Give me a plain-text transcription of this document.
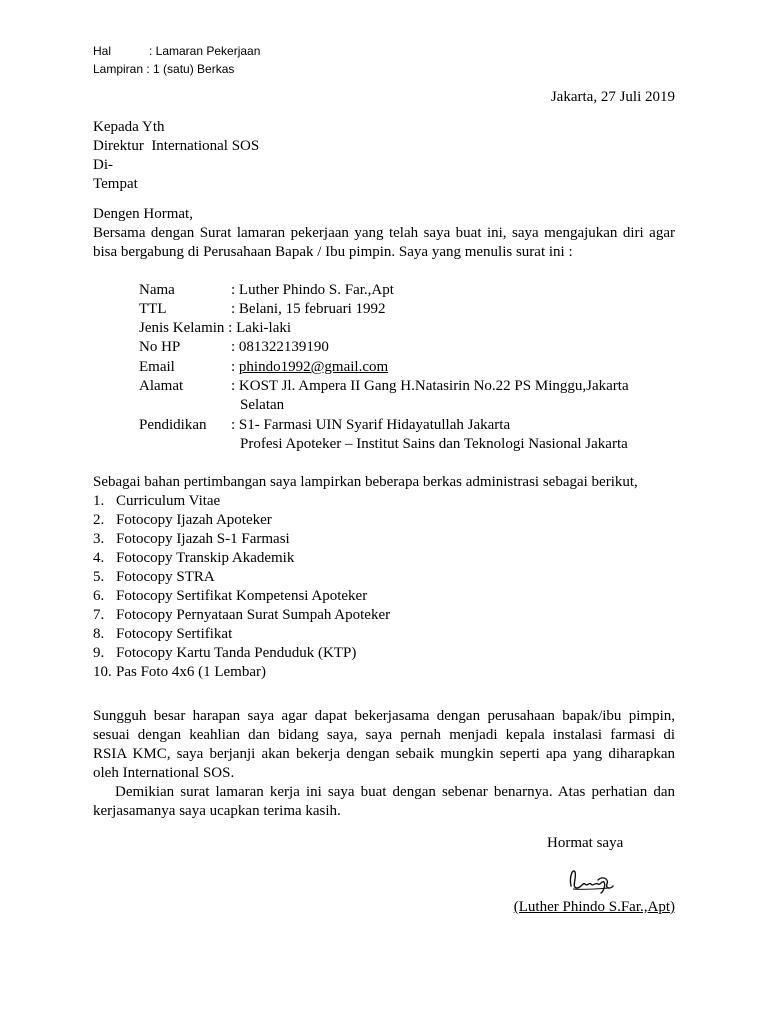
Hal	: Lamaran Pekerjaan
Lampiran : 1 (satu) Berkas
Jakarta, 27 Juli 2019
Kepada Yth
Direktur  International SOS
Di-
Tempat
Dengen Hormat,
Bersama dengan Surat lamaran pekerjaan yang telah saya buat ini, saya mengajukan diri agar
bisa bergabung di Perusahaan Bapak / Ibu pimpin. Saya yang menulis surat ini :
Nama	: Luther Phindo S. Far.,Apt
TTL	: Belani, 15 februari 1992
Jenis Kelamin : Laki-laki
No HP	: 081322139190
Email	: phindo1992@gmail.com
Alamat	: KOST Jl. Ampera II Gang H.Natasirin No.22 PS Minggu,Jakarta
Selatan
Pendidikan : S1- Farmasi UIN Syarif Hidayatullah Jakarta
Profesi Apoteker – Institut Sains dan Teknologi Nasional Jakarta
Sebagai bahan pertimbangan saya lampirkan beberapa berkas administrasi sebagai berikut,
1. Curriculum Vitae
2. Fotocopy Ijazah Apoteker
3. Fotocopy Ijazah S-1 Farmasi
4. Fotocopy Transkip Akademik
5. Fotocopy STRA
6. Fotocopy Sertifikat Kompetensi Apoteker
7. Fotocopy Pernyataan Surat Sumpah Apoteker
8. Fotocopy Sertifikat
9. Fotocopy Kartu Tanda Penduduk (KTP)
10. Pas Foto 4x6 (1 Lembar)
Sungguh besar harapan saya agar dapat bekerjasama dengan perusahaan bapak/ibu pimpin,
sesuai dengan keahlian dan bidang saya, saya pernah menjadi kepala instalasi farmasi di
RSIA KMC, saya berjanji akan bekerja dengan sebaik mungkin seperti apa yang diharapkan
oleh International SOS.
Demikian surat lamaran kerja ini saya buat dengan sebenar benarnya. Atas perhatian dan
kerjasamanya saya ucapkan terima kasih.
Hormat saya
(Luther Phindo S.Far.,Apt)
